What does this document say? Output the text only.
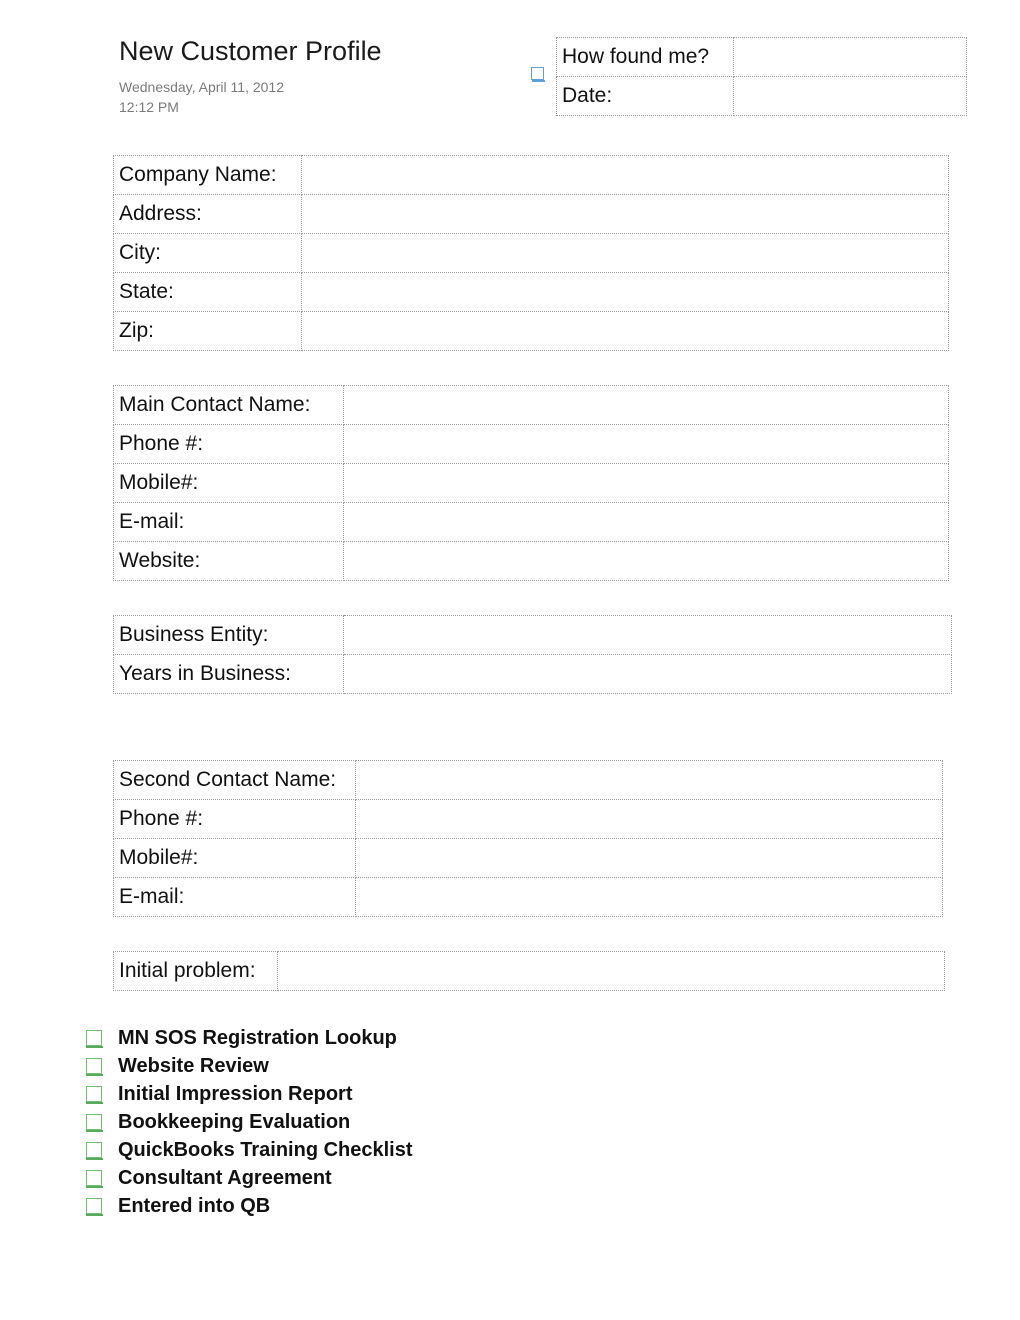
New Customer Profile
Wednesday, April 11, 2012
12:12 PM
How found me?	
Date:	
Company Name:	
Address:	
City:	
State:	
Zip:	
Main Contact Name:	
Phone #:	
Mobile#:	
E-mail:	
Website:	
Business Entity:	
Years in Business:	
Second Contact Name:	
Phone #:	
Mobile#:	
E-mail:	
Initial problem:	
MN SOS Registration Lookup
Website Review
Initial Impression Report
Bookkeeping Evaluation
QuickBooks Training Checklist
Consultant Agreement
Entered into QB
